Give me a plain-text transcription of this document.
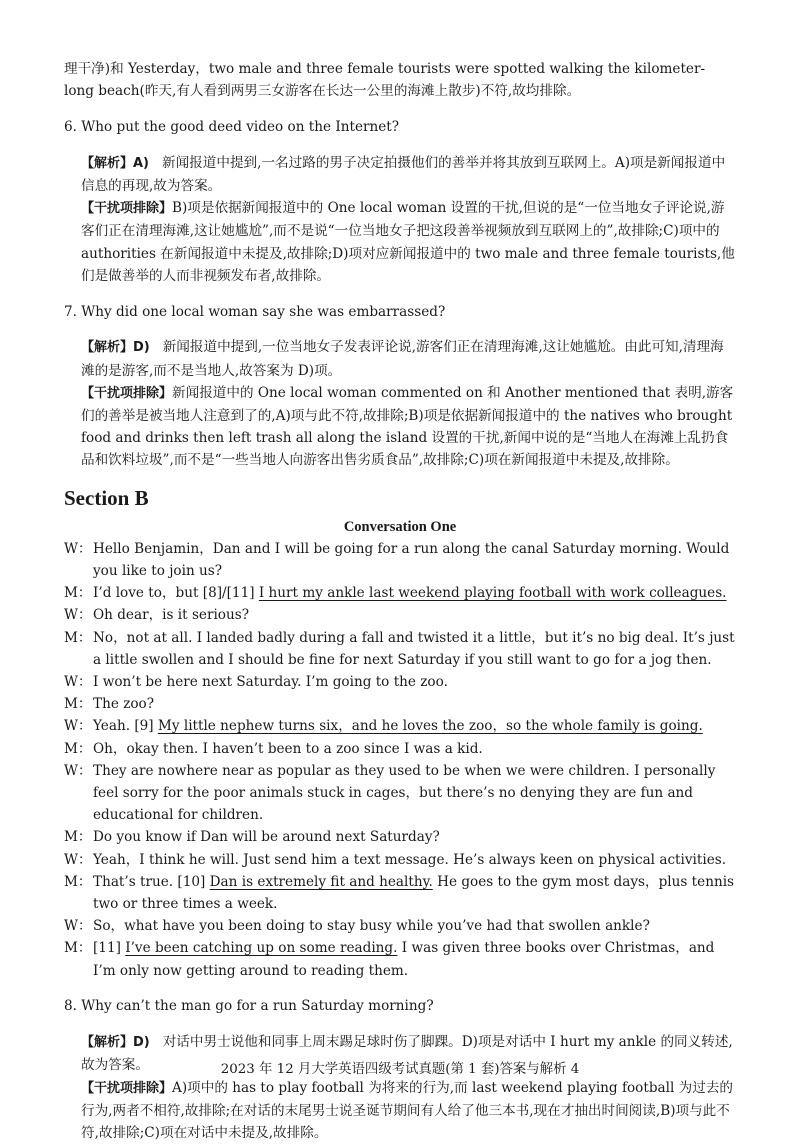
理干净)和 Yesterday，two male and three female tourists were spotted walking the kilometer-

long beach(昨天,有人看到两男三女游客在长达一公里的海滩上散步)不符,故均排除。

6. Who put the good deed video on the Internet?

【解析】A) 新闻报道中提到,一名过路的男子决定拍摄他们的善举并将其放到互联网上。A)项是新闻报道中信息的再现,故为答案。

【干扰项排除】B)项是依据新闻报道中的 One local woman 设置的干扰,但说的是“一位当地女子评论说,游客们正在清理海滩,这让她尴尬”,而不是说“一位当地女子把这段善举视频放到互联网上的”,故排除;C)项中的 authorities 在新闻报道中未提及,故排除;D)项对应新闻报道中的 two male and three female tourists,他们是做善举的人而非视频发布者,故排除。

7. Why did one local woman say she was embarrassed?

【解析】D) 新闻报道中提到,一位当地女子发表评论说,游客们正在清理海滩,这让她尴尬。由此可知,清理海滩的是游客,而不是当地人,故答案为 D)项。

【干扰项排除】新闻报道中的 One local woman commented on 和 Another mentioned that 表明,游客们的善举是被当地人注意到了的,A)项与此不符,故排除;B)项是依据新闻报道中的 the natives who brought food and drinks then left trash all along the island 设置的干扰,新闻中说的是“当地人在海滩上乱扔食品和饮料垃圾”,而不是“一些当地人向游客出售劣质食品”,故排除;C)项在新闻报道中未提及,故排除。

Section B

Conversation One

W：Hello Benjamin，Dan and I will be going for a run along the canal Saturday morning. Would you like to join us?

M：I’d love to，but [8]/[11] I hurt my ankle last weekend playing football with work colleagues.

W：Oh dear，is it serious?

M：No，not at all. I landed badly during a fall and twisted it a little，but it’s no big deal. It’s just a little swollen and I should be fine for next Saturday if you still want to go for a jog then.

W：I won’t be here next Saturday. I’m going to the zoo.

M：The zoo?

W：Yeah. [9] My little nephew turns six，and he loves the zoo，so the whole family is going.

M：Oh，okay then. I haven’t been to a zoo since I was a kid.

W：They are nowhere near as popular as they used to be when we were children. I personally feel sorry for the poor animals stuck in cages，but there’s no denying they are fun and educational for children.

M：Do you know if Dan will be around next Saturday?

W：Yeah，I think he will. Just send him a text message. He’s always keen on physical activities.

M：That’s true. [10] Dan is extremely fit and healthy. He goes to the gym most days，plus tennis two or three times a week.

W：So，what have you been doing to stay busy while you’ve had that swollen ankle?

M：[11] I’ve been catching up on some reading. I was given three books over Christmas，and I’m only now getting around to reading them.

8. Why can’t the man go for a run Saturday morning?

【解析】D) 对话中男士说他和同事上周末踢足球时伤了脚踝。D)项是对话中 I hurt my ankle 的同义转述,故为答案。

【干扰项排除】A)项中的 has to play football 为将来的行为,而 last weekend playing football 为过去的行为,两者不相符,故排除;在对话的末尾男士说圣诞节期间有人给了他三本书,现在才抽出时间阅读,B)项与此不符,故排除;C)项在对话中未提及,故排除。

2023 年 12 月大学英语四级考试真题(第 1 套)答案与解析 4
